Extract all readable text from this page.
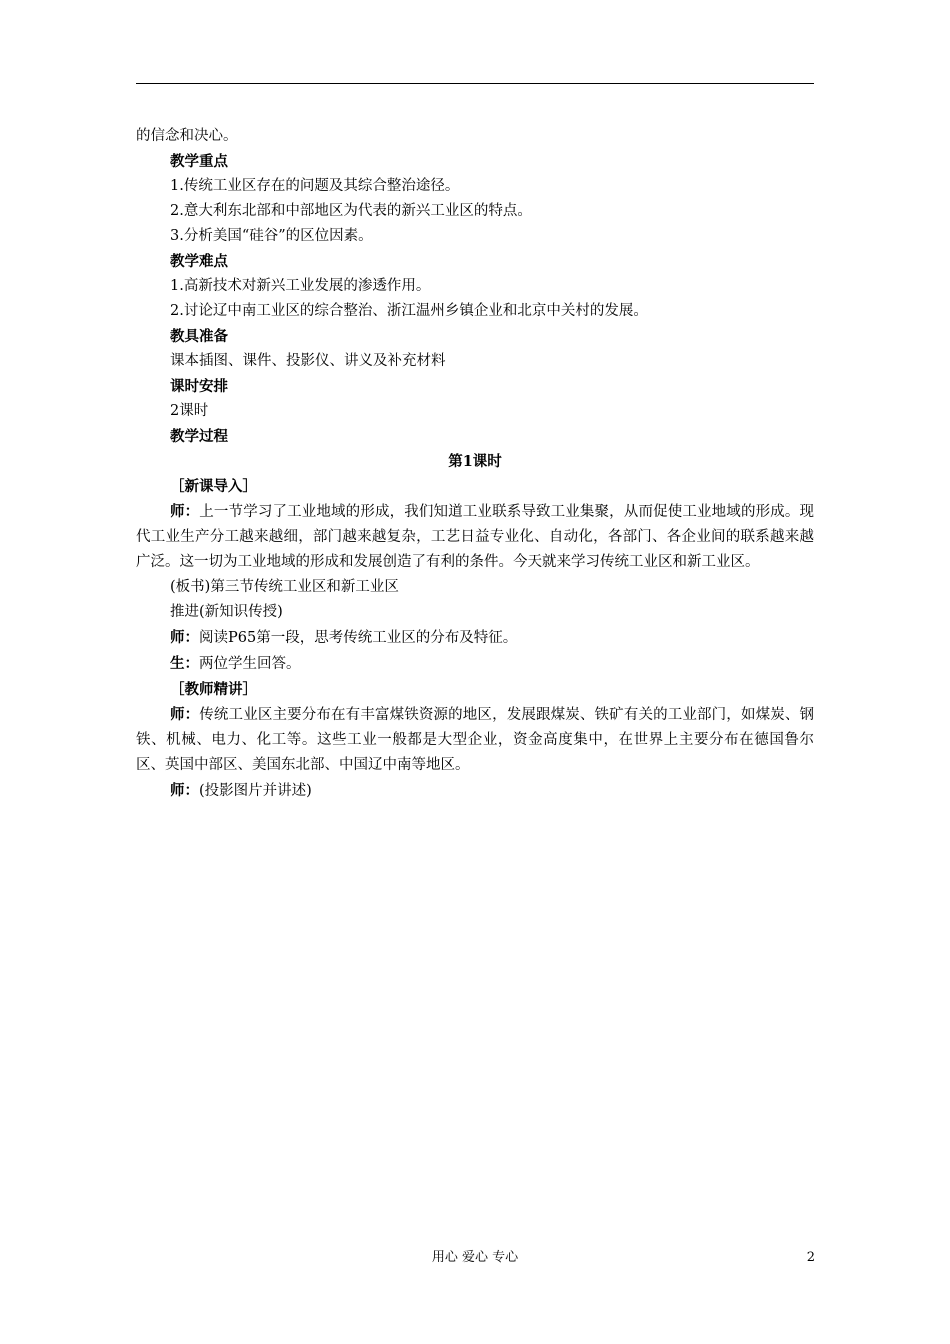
的信念和决心。

教学重点

1.传统工业区存在的问题及其综合整治途径。

2.意大利东北部和中部地区为代表的新兴工业区的特点。

3.分析美国“硅谷”的区位因素。

教学难点

1.高新技术对新兴工业发展的渗透作用。

2.讨论辽中南工业区的综合整治、浙江温州乡镇企业和北京中关村的发展。

教具准备

课本插图、课件、投影仪、讲义及补充材料

课时安排

2课时

教学过程

第1课时

［新课导入］

师：上一节学习了工业地域的形成，我们知道工业联系导致工业集聚，从而促使工业地域的形成。现代工业生产分工越来越细，部门越来越复杂，工艺日益专业化、自动化，各部门、各企业间的联系越来越广泛。这一切为工业地域的形成和发展创造了有利的条件。今天就来学习传统工业区和新工业区。

(板书)第三节传统工业区和新工业区

推进(新知识传授)

师：阅读P65第一段，思考传统工业区的分布及特征。

生：两位学生回答。

［教师精讲］

师：传统工业区主要分布在有丰富煤铁资源的地区，发展跟煤炭、铁矿有关的工业部门，如煤炭、钢铁、机械、电力、化工等。这些工业一般都是大型企业，资金高度集中，在世界上主要分布在德国鲁尔区、英国中部区、美国东北部、中国辽中南等地区。

师：(投影图片并讲述)

用心 爱心 专心	2
